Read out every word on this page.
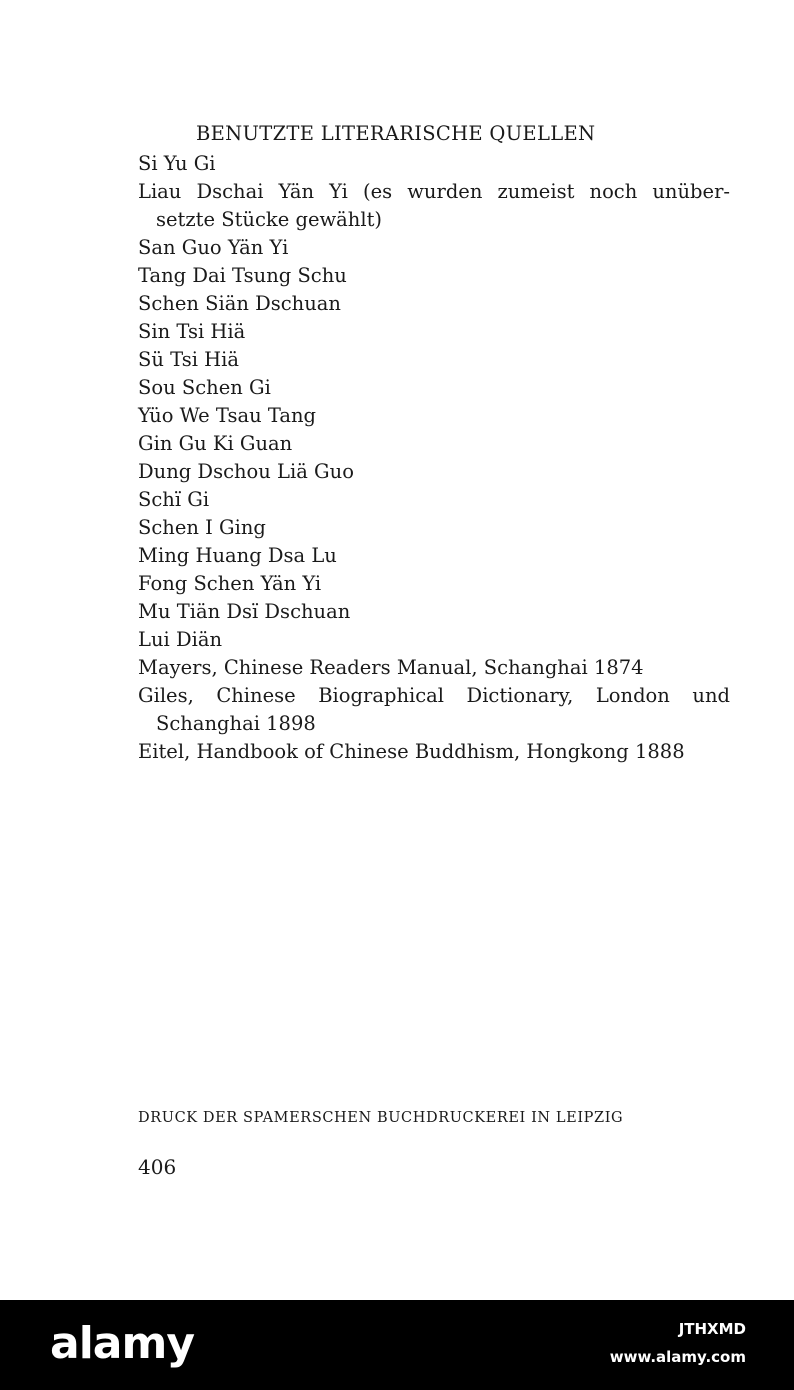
BENUTZTE LITERARISCHE QUELLEN
Si Yu Gi
Liau Dschai Yän Yi (es wurden zumeist noch unüber-
setzte Stücke gewählt)
San Guo Yän Yi
Tang Dai Tsung Schu
Schen Siän Dschuan
Sin Tsi Hiä
Sü Tsi Hiä
Sou Schen Gi
Yüo We Tsau Tang
Gin Gu Ki Guan
Dung Dschou Liä Guo
Schï Gi
Schen I Ging
Ming Huang Dsa Lu
Fong Schen Yän Yi
Mu Tiän Dsï Dschuan
Lui Diän
Mayers, Chinese Readers Manual, Schanghai 1874
Giles, Chinese Biographical Dictionary, London und
Schanghai 1898
Eitel, Handbook of Chinese Buddhism, Hongkong 1888
DRUCK DER SPAMERSCHEN BUCHDRUCKEREI IN LEIPZIG
406
alamy	JTHXMD
www.alamy.com
